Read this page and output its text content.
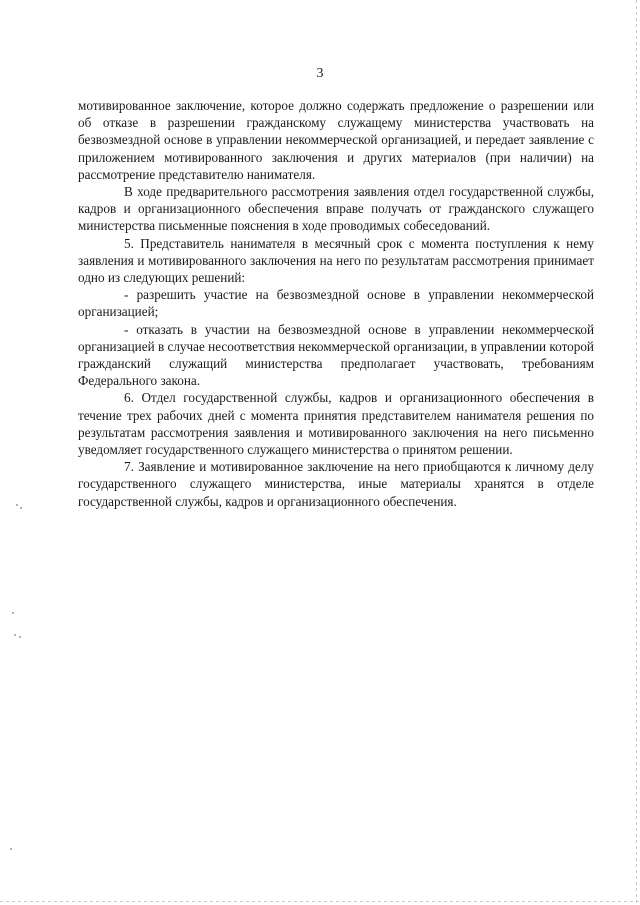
3

мотивированное заключение, которое должно содержать предложение о разрешении или об отказе в разрешении гражданскому служащему министерства участвовать на безвозмездной основе в управлении некоммерческой организацией, и передает заявление с приложением мотивированного заключения и других материалов (при наличии) на рассмотрение представителю нанимателя.

В ходе предварительного рассмотрения заявления отдел государственной службы, кадров и организационного обеспечения вправе получать от гражданского служащего министерства письменные пояснения в ходе проводимых собеседований.

5. Представитель нанимателя в месячный срок с момента поступления к нему заявления и мотивированного заключения на него по результатам рассмотрения принимает одно из следующих решений:

- разрешить участие на безвозмездной основе в управлении некоммерческой организацией;

- отказать в участии на безвозмездной основе в управлении некоммерческой организацией в случае несоответствия некоммерческой организации, в управлении которой гражданский служащий министерства предполагает участвовать, требованиям Федерального закона.

6. Отдел государственной службы, кадров и организационного обеспечения в течение трех рабочих дней с момента принятия представителем нанимателя решения по результатам рассмотрения заявления и мотивированного заключения на него письменно уведомляет государственного служащего министерства о принятом решении.

7. Заявление и мотивированное заключение на него приобщаются к личному делу государственного служащего министерства, иные материалы хранятся в отделе государственной службы, кадров и организационного обеспечения.
